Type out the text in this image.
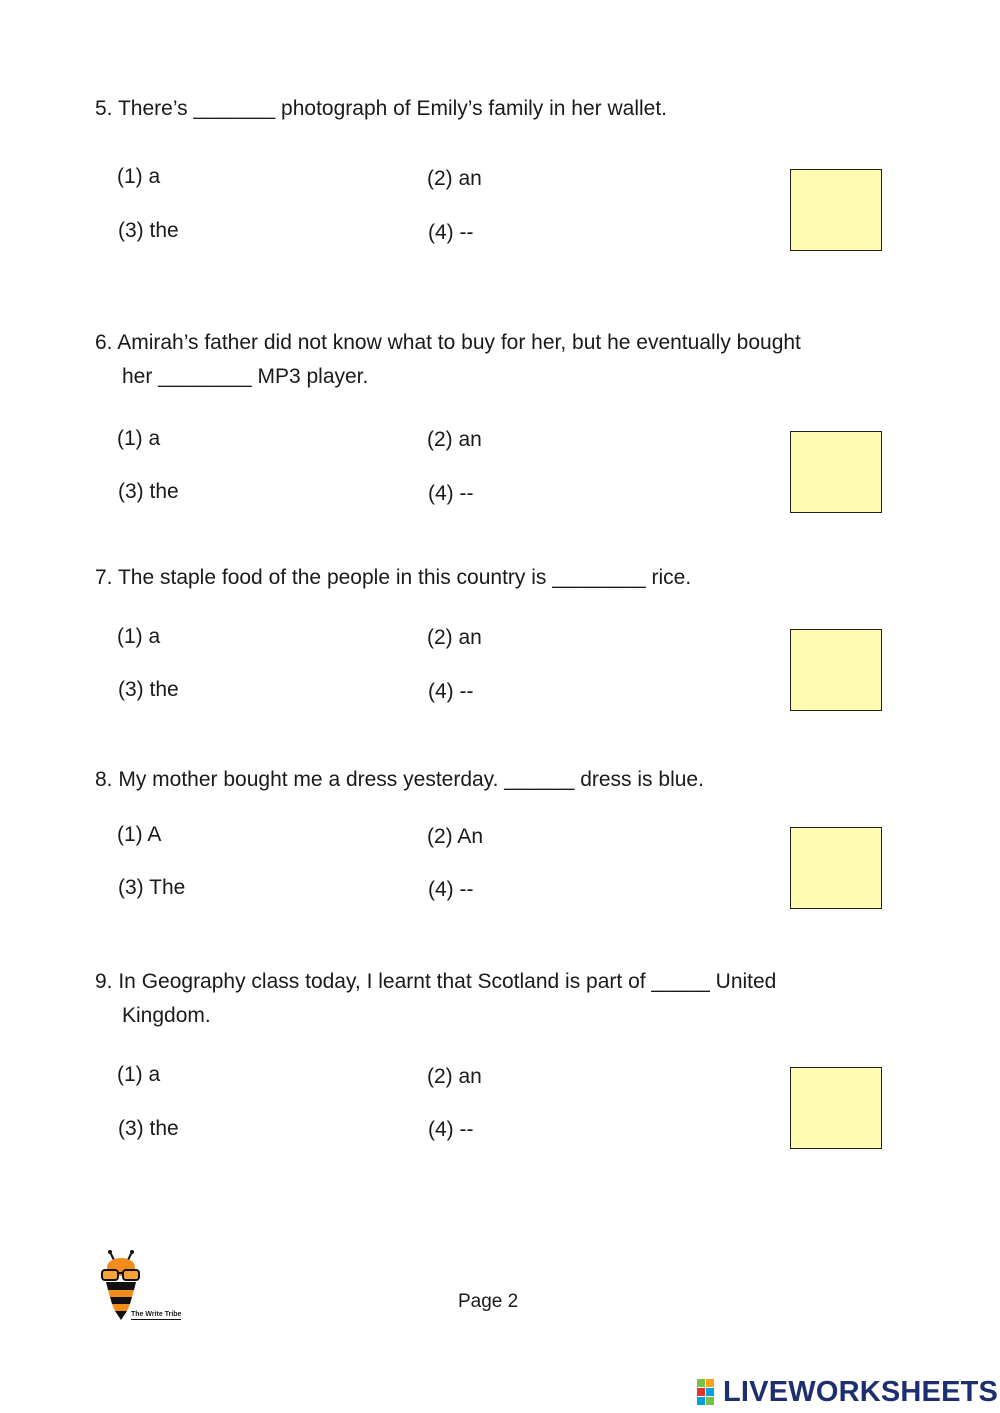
5. There’s _______ photograph of Emily’s family in her wallet.

(1) a	(2) an
(3) the	(4) --

6. Amirah’s father did not know what to buy for her, but he eventually bought
her ________ MP3 player.

(1) a	(2) an
(3) the	(4) --

7. The staple food of the people in this country is ________ rice.

(1) a	(2) an
(3) the	(4) --

8. My mother bought me a dress yesterday. ______ dress is blue.

(1) A	(2) An
(3) The	(4) --

9. In Geography class today, I learnt that Scotland is part of _____ United
Kingdom.

(1) a	(2) an
(3) the	(4) --
The Write Tribe
Page 2
LIVEWORKSHEETS
